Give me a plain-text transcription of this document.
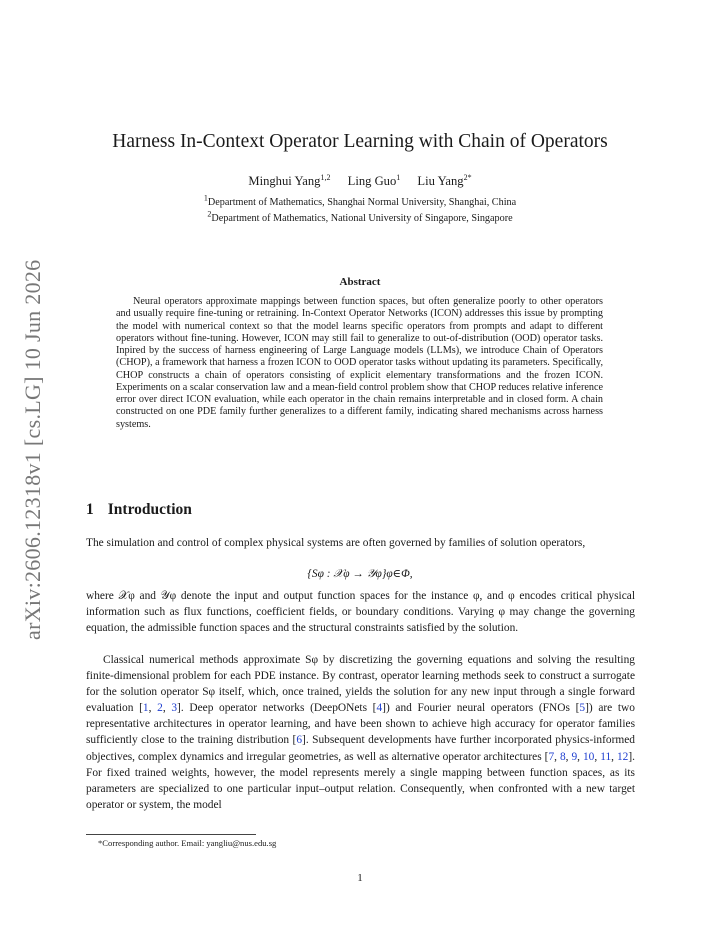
arXiv:2606.12318v1 [cs.LG] 10 Jun 2026
Harness In-Context Operator Learning with Chain of Operators
Minghui Yang$^{1,2}$ Ling Guo$^1$ Liu Yang$^{2*}$
$^1$Department of Mathematics, Shanghai Normal University, Shanghai, China
$^2$Department of Mathematics, National University of Singapore, Singapore
Abstract

Neural operators approximate mappings between function spaces, but often generalize poorly to other operators and usually require fine-tuning or retraining. In-Context Operator Networks (ICON) addresses this issue by prompting the model with numerical context so that the model learns specific operators from prompts and adapt to different operators without fine-tuning. However, ICON may still fail to generalize to out-of-distribution (OOD) operator tasks. Inpired by the success of harness engineering of Large Language models (LLMs), we introduce Chain of Operators (CHOP), a framework that harness a frozen ICON to OOD operator tasks without updating its parameters. Specifically, CHOP constructs a chain of operators consisting of explicit elementary transformations and the frozen ICON. Experiments on a scalar conservation law and a mean-field control problem show that CHOP reduces relative inference error over direct ICON evaluation, while each operator in the chain remains interpretable and in closed form. A chain constructed on one PDE family further generalizes to a different family, indicating shared mechanisms across harness systems.

1 Introduction

The simulation and control of complex physical systems are often governed by families of solution operators,

{Sφ : 𝒳φ → 𝒴φ}φ∈Φ,

where 𝒳φ and 𝒴φ denote the input and output function spaces for the instance φ, and φ encodes critical physical information such as flux functions, coefficient fields, or boundary conditions. Varying φ may change the governing equation, the admissible function spaces and the structural constraints satisfied by the solution.

Classical numerical methods approximate Sφ by discretizing the governing equations and solving the resulting finite-dimensional problem for each PDE instance. By contrast, operator learning methods seek to construct a surrogate for the solution operator Sφ itself, which, once trained, yields the solution for any new input through a single forward evaluation [1, 2, 3]. Deep operator networks (DeepONets [4]) and Fourier neural operators (FNOs [5]) are two representative architectures in operator learning, and have been shown to achieve high accuracy for operator families sufficiently close to the training distribution [6]. Subsequent developments have further incorporated physics-informed objectives, complex dynamics and irregular geometries, as well as alternative operator architectures [7, 8, 9, 10, 11, 12]. For fixed trained weights, however, the model represents merely a single mapping between function spaces, as its parameters are specialized to one particular input–output relation. Consequently, when confronted with a new target operator or system, the model

*Corresponding author. Email: yangliu@nus.edu.sg
1
